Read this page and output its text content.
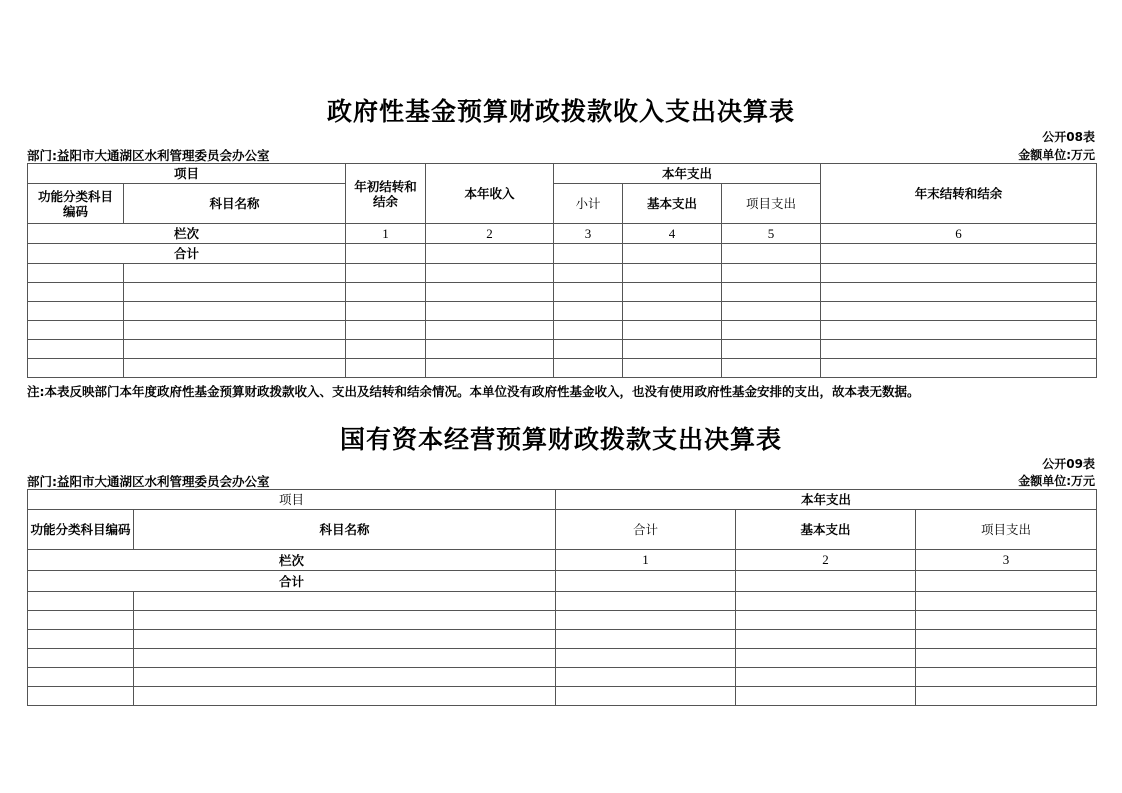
政府性基金预算财政拨款收入支出决算表
公开08表
金额单位:万元
部门:益阳市大通湖区水利管理委员会办公室
项目		年初结转和结余	本年收入	本年支出			年末结转和结余
功能分类科目编码	科目名称			小计	基本支出	项目支出	
栏次		1	2	3	4	5	6
合计							

注:本表反映部门本年度政府性基金预算财政拨款收入、支出及结转和结余情况。本单位没有政府性基金收入，也没有使用政府性基金安排的支出，故本表无数据。
国有资本经营预算财政拨款支出决算表
公开09表
金额单位:万元
部门:益阳市大通湖区水利管理委员会办公室
项目		本年支出		
功能分类科目编码	科目名称	合计	基本支出	项目支出
栏次		1	2	3
合计				
